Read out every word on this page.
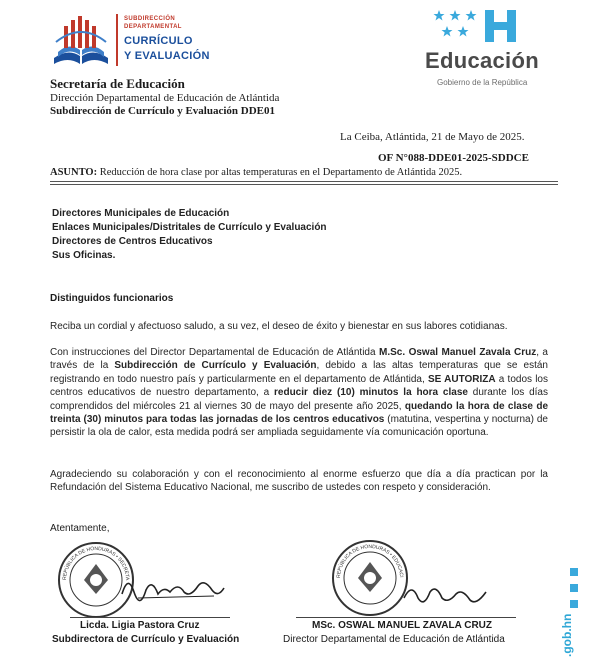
SUBDIRECCIÓN
DEPARTAMENTAL
CURRÍCULO
Y EVALUACIÓN	Educación
Gobierno de la República
Secretaría de Educación
Dirección Departamental de Educación de Atlántida
Subdirección de Currículo y Evaluación DDE01
La Ceiba, Atlántida, 21 de Mayo de 2025.
OF N°088-DDE01-2025-SDDCE
ASUNTO: Reducción de hora clase por altas temperaturas en el Departamento de Atlántida 2025.
Directores Municipales de Educación
Enlaces Municipales/Distritales de Currículo y Evaluación
Directores de Centros Educativos
Sus Oficinas.
Distinguidos funcionarios
Reciba un cordial y afectuoso saludo, a su vez, el deseo de éxito y bienestar en sus labores cotidianas.
Con instrucciones del Director Departamental de Educación de Atlántida M.Sc. Oswal Manuel Zavala Cruz, a través de la Subdirección de Currículo y Evaluación, debido a las altas temperaturas que se están registrando en todo nuestro país y particularmente en el departamento de Atlántida, SE AUTORIZA a todos los centros educativos de nuestro departamento, a reducir diez (10) minutos la hora clase durante los días comprendidos del miércoles 21 al viernes 30 de mayo del presente año 2025, quedando la hora de clase de treinta (30) minutos para todas las jornadas de los centros educativos (matutina, vespertina y nocturna) de persistir la ola de calor, esta medida podrá ser ampliada seguidamente vía comunicación oportuna.
Agradeciendo su colaboración y con el reconocimiento al enorme esfuerzo que día a día practican por la Refundación del Sistema Educativo Nacional, me suscribo de ustedes con respeto y consideración.
Atentamente,
REPÚBLICA DE HONDURAS • SECRETA
Licda. Ligia Pastora Cruz
Subdirectora de Currículo y Evaluación
REPÚBLICA DE HONDURAS • EDUCACI
MSc. OSWAL MANUEL ZAVALA CRUZ
Director Departamental de Educación de Atlántida	.gob.hn
